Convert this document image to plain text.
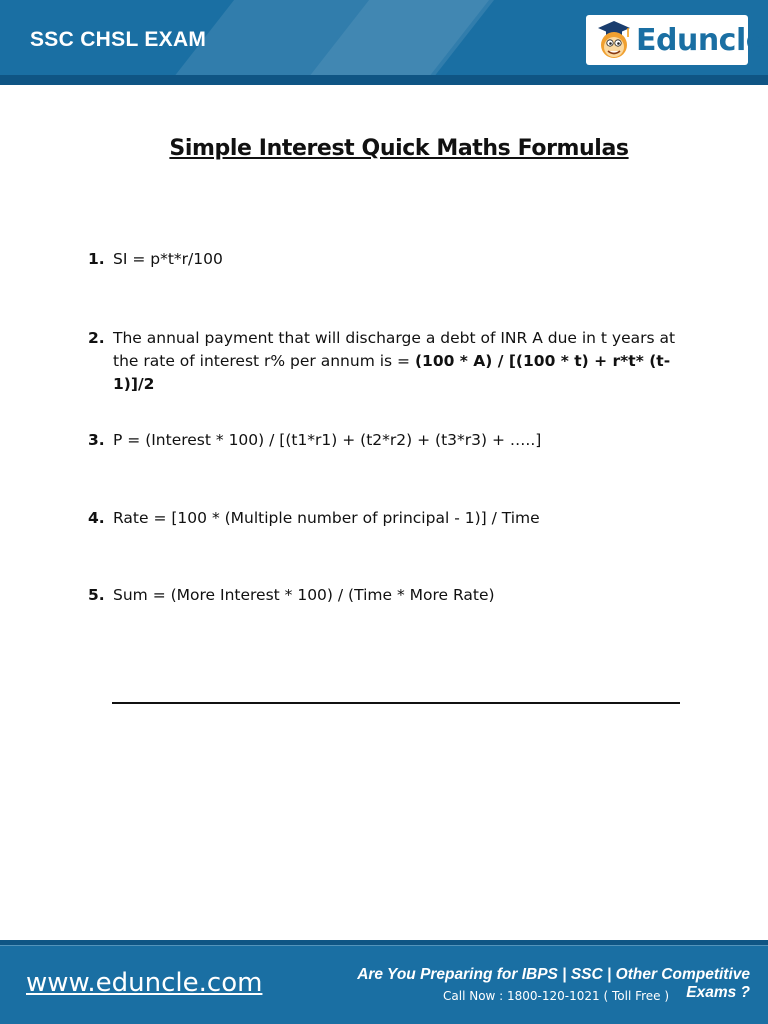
SSC CHSL EXAM	Eduncle
Simple Interest Quick Maths Formulas
1. SI = p*t*r/100
2. The annual payment that will discharge a debt of INR A due in t years at the rate of interest r% per annum is = (100 * A) / [(100 * t) + r*t* (t-1)]/2
3. P = (Interest * 100) / [(t1*r1) + (t2*r2) + (t3*r3) + …..]
4. Rate = [100 * (Multiple number of principal - 1)] / Time
5. Sum = (More Interest * 100) / (Time * More Rate)
www.eduncle.com	Are You Preparing for IBPS | SSC | Other Competitive Exams ?
Call Now : 1800-120-1021 ( Toll Free )
